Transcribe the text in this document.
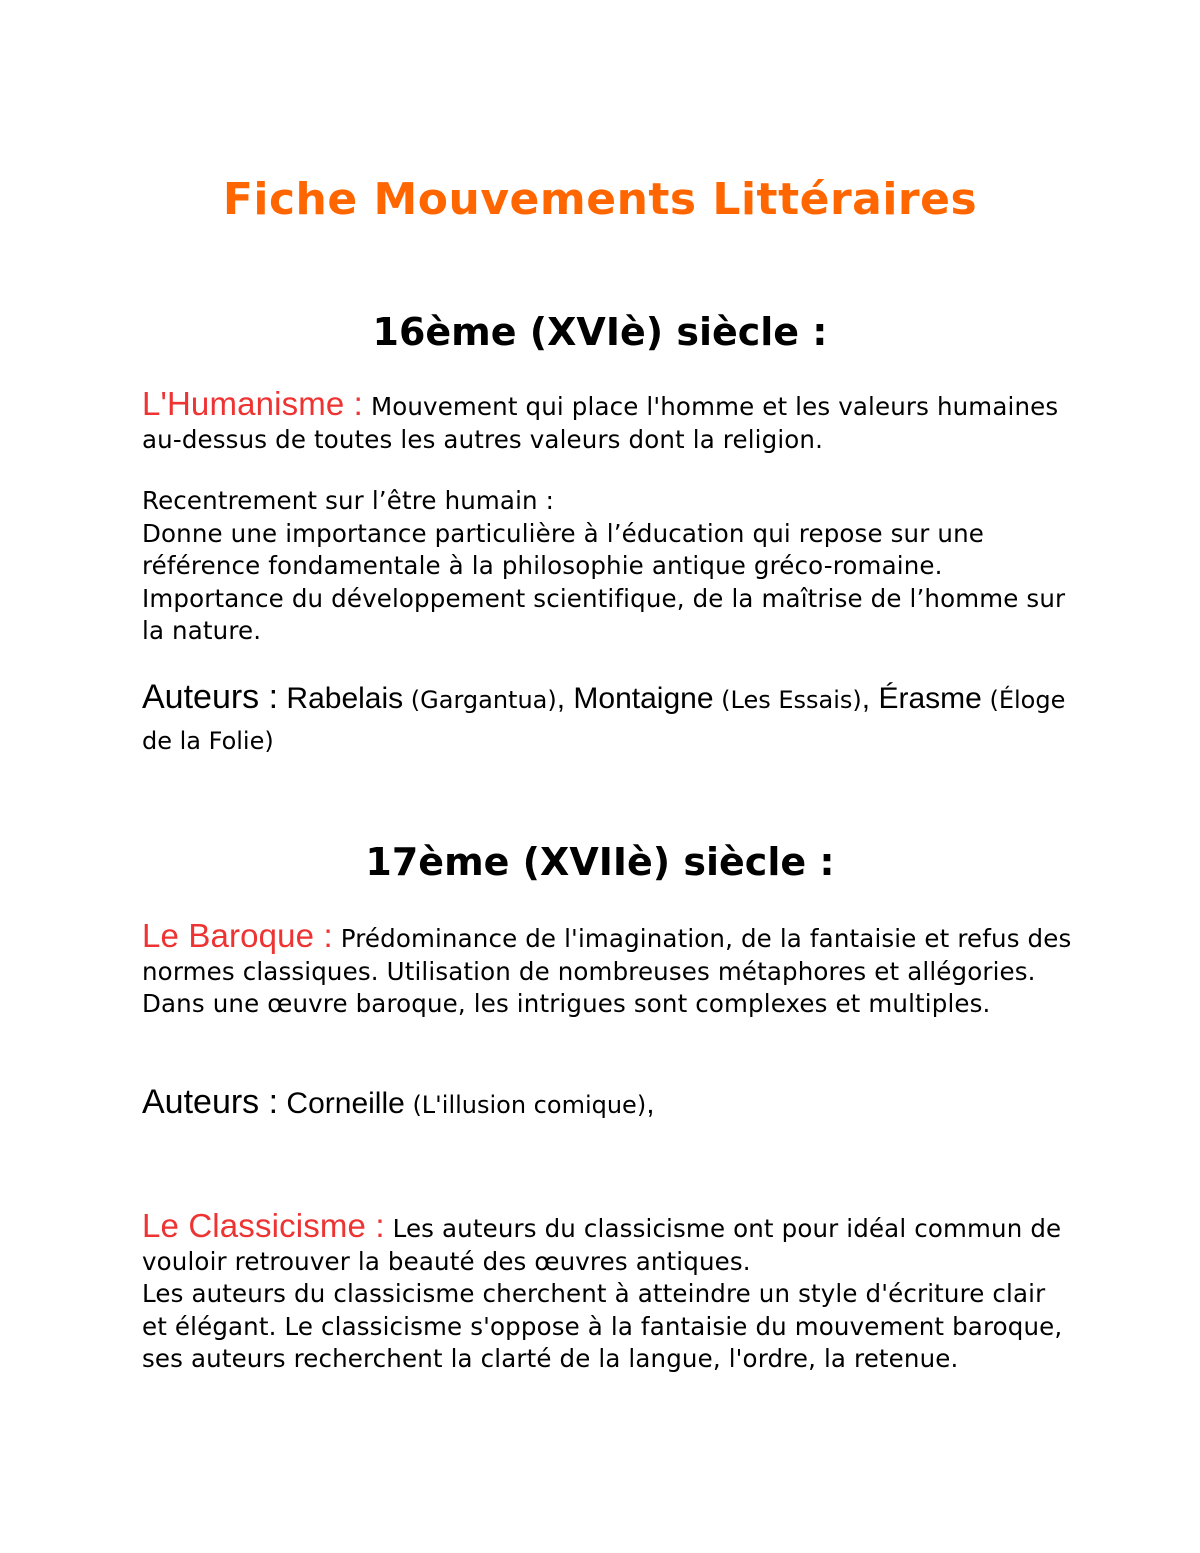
Fiche Mouvements Littéraires
16ème (XVIè) siècle :
L'Humanisme : Mouvement qui place l'homme et les valeurs humaines au-dessus de toutes les autres valeurs dont la religion.

Recentrement sur l’être humain :

Donne une importance particulière à l’éducation qui repose sur une référence fondamentale à la philosophie antique gréco-romaine. Importance du développement scientifique, de la maîtrise de l’homme sur la nature.

Auteurs : Rabelais (Gargantua), Montaigne (Les Essais), Érasme (Éloge de la Folie)
17ème (XVIIè) siècle :
Le Baroque : Prédominance de l'imagination, de la fantaisie et refus des normes classiques. Utilisation de nombreuses métaphores et allégories. Dans une œuvre baroque, les intrigues sont complexes et multiples.
Auteurs : Corneille (L'illusion comique),

Le Classicisme : Les auteurs du classicisme ont pour idéal commun de vouloir retrouver la beauté des œuvres antiques.

Les auteurs du classicisme cherchent à atteindre un style d'écriture clair et élégant. Le classicisme s'oppose à la fantaisie du mouvement baroque, ses auteurs recherchent la clarté de la langue, l'ordre, la retenue.
